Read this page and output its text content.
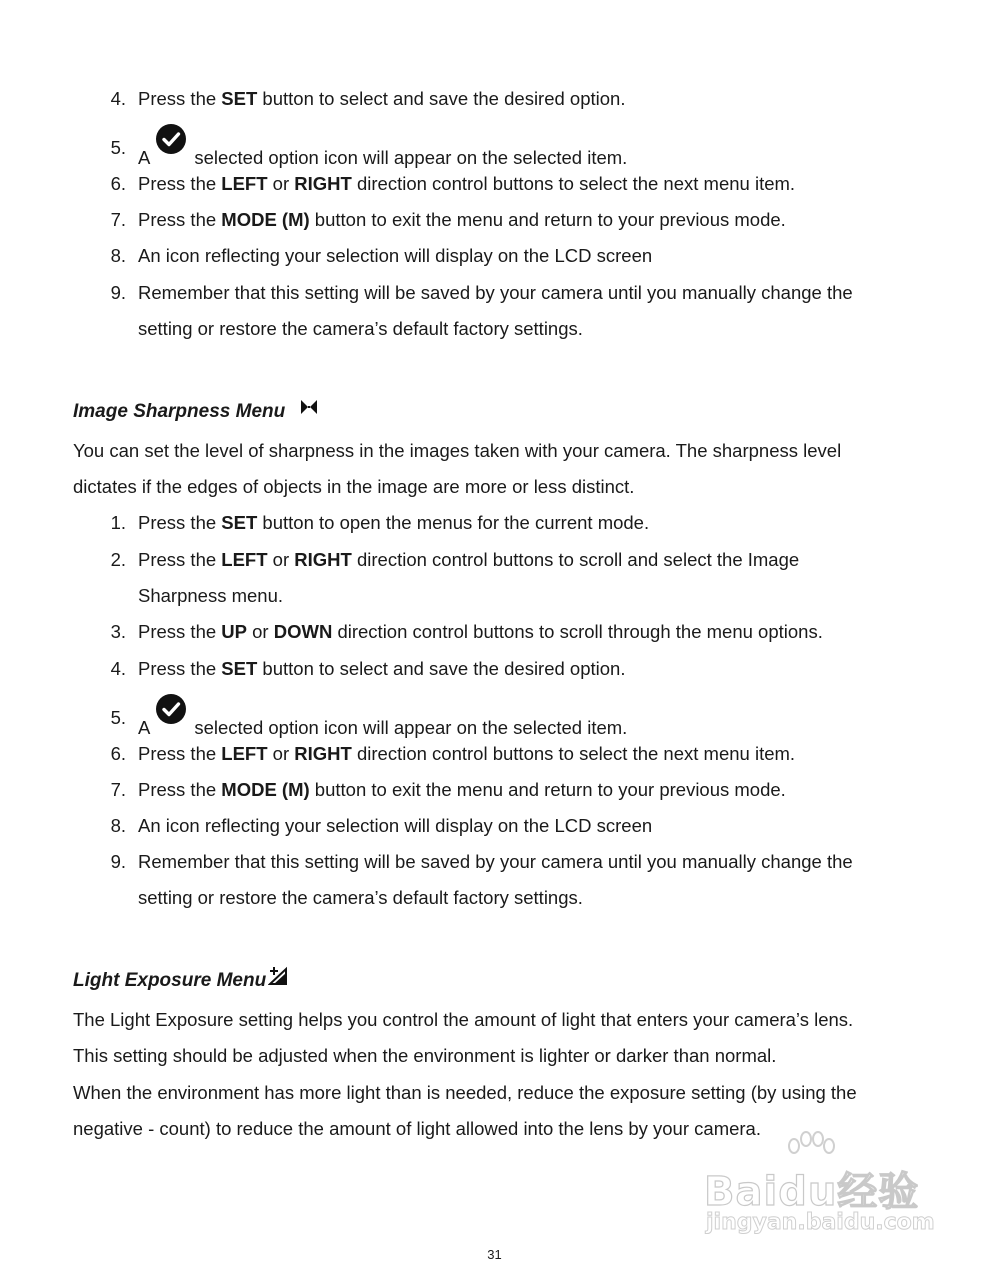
4. Press the SET button to select and save the desired option.
5. A selected option icon will appear on the selected item.
6. Press the LEFT or RIGHT direction control buttons to select the next menu item.
7. Press the MODE (M) button to exit the menu and return to your previous mode.
8. An icon reflecting your selection will display on the LCD screen
9. Remember that this setting will be saved by your camera until you manually change the
setting or restore the camera’s default factory settings.
Image Sharpness Menu
You can set the level of sharpness in the images taken with your camera. The sharpness level
dictates if the edges of objects in the image are more or less distinct.
1. Press the SET button to open the menus for the current mode.
2. Press the LEFT or RIGHT direction control buttons to scroll and select the Image
Sharpness menu.
3. Press the UP or DOWN direction control buttons to scroll through the menu options.
4. Press the SET button to select and save the desired option.
5. A selected option icon will appear on the selected item.
6. Press the LEFT or RIGHT direction control buttons to select the next menu item.
7. Press the MODE (M) button to exit the menu and return to your previous mode.
8. An icon reflecting your selection will display on the LCD screen
9. Remember that this setting will be saved by your camera until you manually change the
setting or restore the camera’s default factory settings.
Light Exposure Menu
The Light Exposure setting helps you control the amount of light that enters your camera’s lens.
This setting should be adjusted when the environment is lighter or darker than normal.
When the environment has more light than is needed, reduce the exposure setting (by using the
negative - count) to reduce the amount of light allowed into the lens by your camera.
Baidu经验
jingyan.baidu.com
31
